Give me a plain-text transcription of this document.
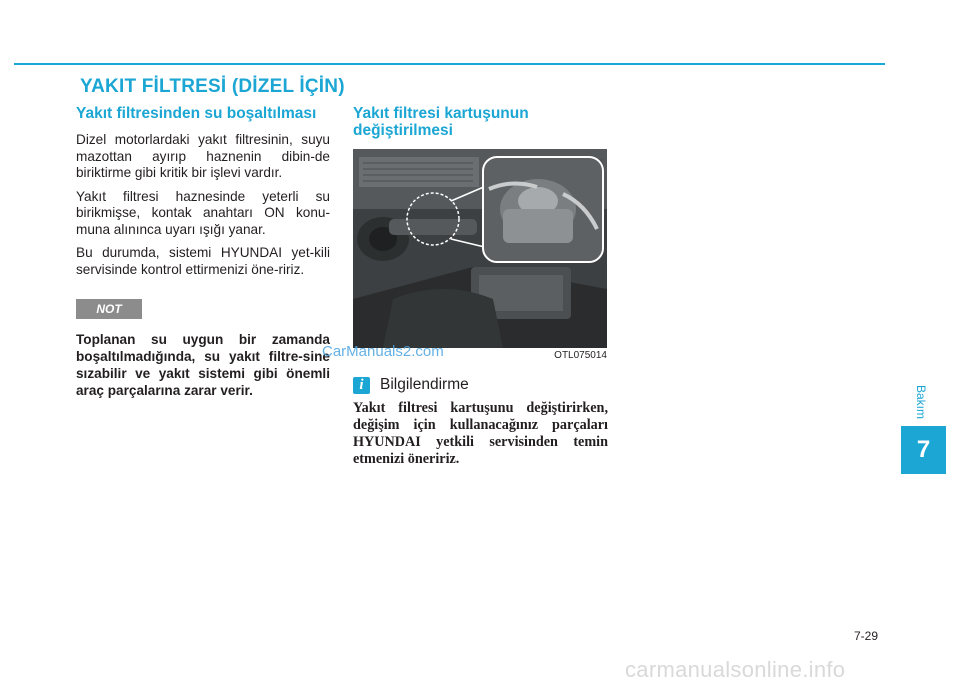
YAKIT FİLTRESİ (DİZEL İÇİN)
Yakıt filtresinden su boşaltılması

Dizel motorlardaki yakıt filtresinin, suyu mazottan ayırıp haznenin dibin-de biriktirme gibi kritik bir işlevi vardır.

Yakıt filtresi haznesinde yeterli su birikmişse, kontak anahtarı ON konu-muna alınınca uyarı ışığı yanar.

Bu durumda, sistemi HYUNDAI yet-kili servisinde kontrol ettirmenizi öne-ririz.

NOT

Toplanan su uygun bir zamanda boşaltılmadığında, su yakıt filtre-sine sızabilir ve yakıt sistemi gibi önemli araç parçalarına zarar verir.

Yakıt filtresi kartuşunun değiştirilmesi
OTL075014
i	Bilgilendirme

Yakıt filtresi kartuşunu değiştirirken, değişim için kullanacağınız parçaları HYUNDAI yetkili servisinden temin etmenizi öneririz.

CarManuals2.com
Bakım
7
7-29
carmanualsonline.info
